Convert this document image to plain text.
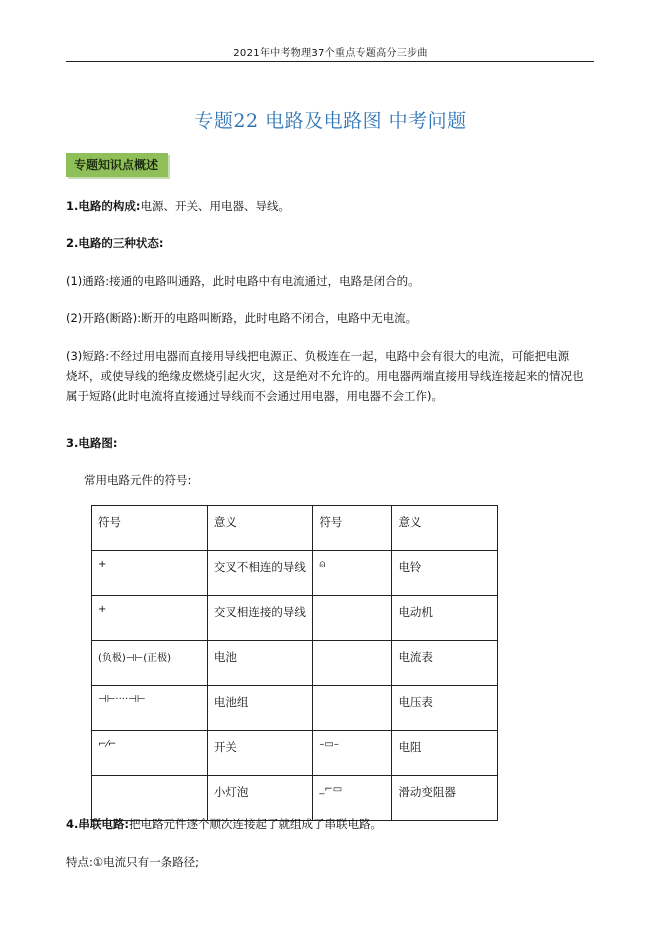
2021年中考物理37个重点专题高分三步曲
专题22 电路及电路图 中考问题
专题知识点概述
1.电路的构成:电源、开关、用电器、导线。
2.电路的三种状态:
(1)通路:接通的电路叫通路，此时电路中有电流通过，电路是闭合的。
(2)开路(断路):断开的电路叫断路，此时电路不闭合，电路中无电流。
(3)短路:不经过用电器而直接用导线把电源正、负极连在一起，电路中会有很大的电流，可能把电源
烧坏，或使导线的绝缘皮燃烧引起火灾，这是绝对不允许的。用电器两端直接用导线连接起来的情况也
属于短路(此时电流将直接通过导线而不会通过用电器，用电器不会工作)。
3.电路图:
常用电路元件的符号:
符号	意义	符号	意义
+	交叉不相连的导线	⍝	电铃
+	交叉相连接的导线		电动机
(负极)⊣⊢(正极)	电池		电流表
⊣⊢····⊣⊢	电池组		电压表
⌐⁄⌐	开关	–▭–	电阻
	小灯泡	_⌐▭	滑动变阻器
4.串联电路:把电路元件逐个顺次连接起了就组成了串联电路。
特点:①电流只有一条路径;
